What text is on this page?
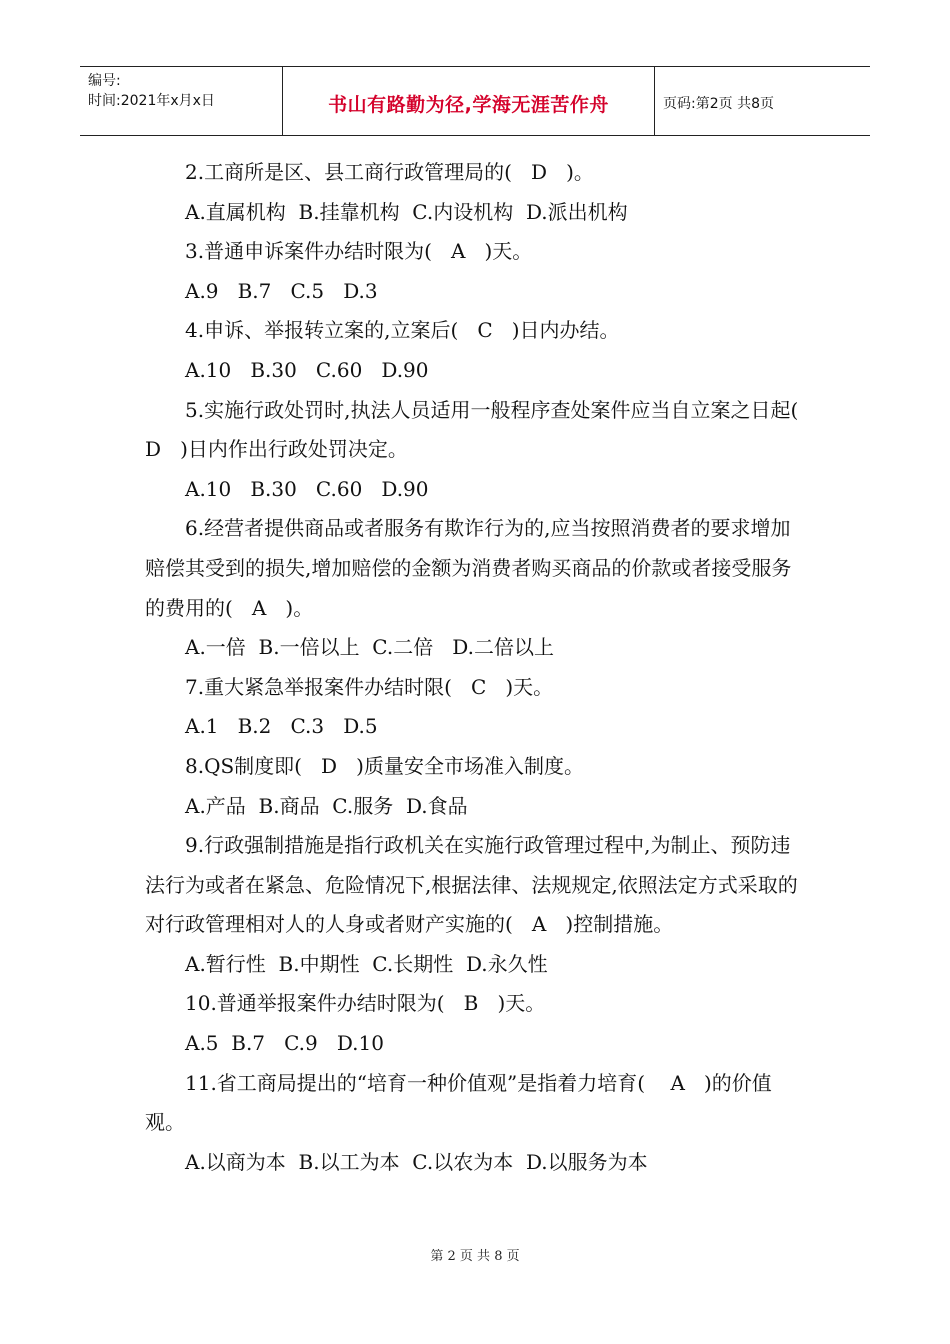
编号:
时间:2021年x月x日	书山有路勤为径,学海无涯苦作舟	页码:第2页 共8页

2.工商所是区、县工商行政管理局的(   D   )。

A.直属机构  B.挂靠机构  C.内设机构  D.派出机构

3.普通申诉案件办结时限为(   A   )天。

A.9   B.7   C.5   D.3

4.申诉、举报转立案的,立案后(   C   )日内办结。

A.10   B.30   C.60   D.90

5.实施行政处罚时,执法人员适用一般程序查处案件应当自立案之日起(   D   )日内作出行政处罚决定。

A.10   B.30   C.60   D.90

6.经营者提供商品或者服务有欺诈行为的,应当按照消费者的要求增加赔偿其受到的损失,增加赔偿的金额为消费者购买商品的价款或者接受服务的费用的(   A   )。

A.一倍  B.一倍以上  C.二倍   D.二倍以上

7.重大紧急举报案件办结时限(   C   )天。

A.1   B.2   C.3   D.5

8.QS制度即(   D   )质量安全市场准入制度。

A.产品  B.商品  C.服务  D.食品

9.行政强制措施是指行政机关在实施行政管理过程中,为制止、预防违法行为或者在紧急、危险情况下,根据法律、法规规定,依照法定方式采取的对行政管理相对人的人身或者财产实施的(   A   )控制措施。

A.暂行性  B.中期性  C.长期性  D.永久性

10.普通举报案件办结时限为(   B   )天。

A.5  B.7   C.9   D.10

11.省工商局提出的“培育一种价值观”是指着力培育(    A   )的价值观。

A.以商为本  B.以工为本  C.以农为本  D.以服务为本

第 2 页 共 8 页
